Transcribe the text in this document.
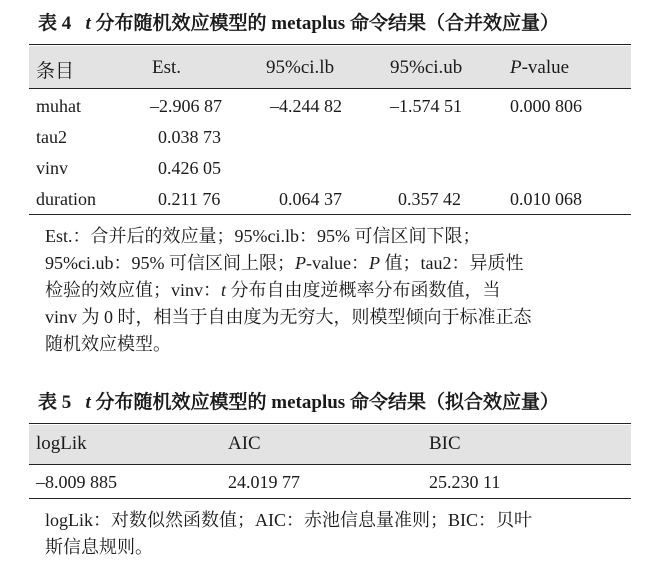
表 4 t 分布随机效应模型的 metaplus 命令结果（合并效应量）
条目	Est.	95%ci.lb	95%ci.ub	P-value
muhat	–2.906 87	–4.244 82	–1.574 51	0.000 806
tau2	0.038 73
vinv	0.426 05
duration	0.211 76	0.064 37	0.357 42	0.010 068
Est.：合并后的效应量；95%ci.lb：95% 可信区间下限；
95%ci.ub：95% 可信区间上限；P-value：P 值；tau2：异质性
检验的效应值；vinv：t 分布自由度逆概率分布函数值，当
vinv 为 0 时，相当于自由度为无穷大，则模型倾向于标准正态
随机效应模型。
表 5 t 分布随机效应模型的 metaplus 命令结果（拟合效应量）
logLik	AIC	BIC
–8.009 885	24.019 77	25.230 11
logLik：对数似然函数值；AIC：赤池信息量准则；BIC：贝叶
斯信息规则。
